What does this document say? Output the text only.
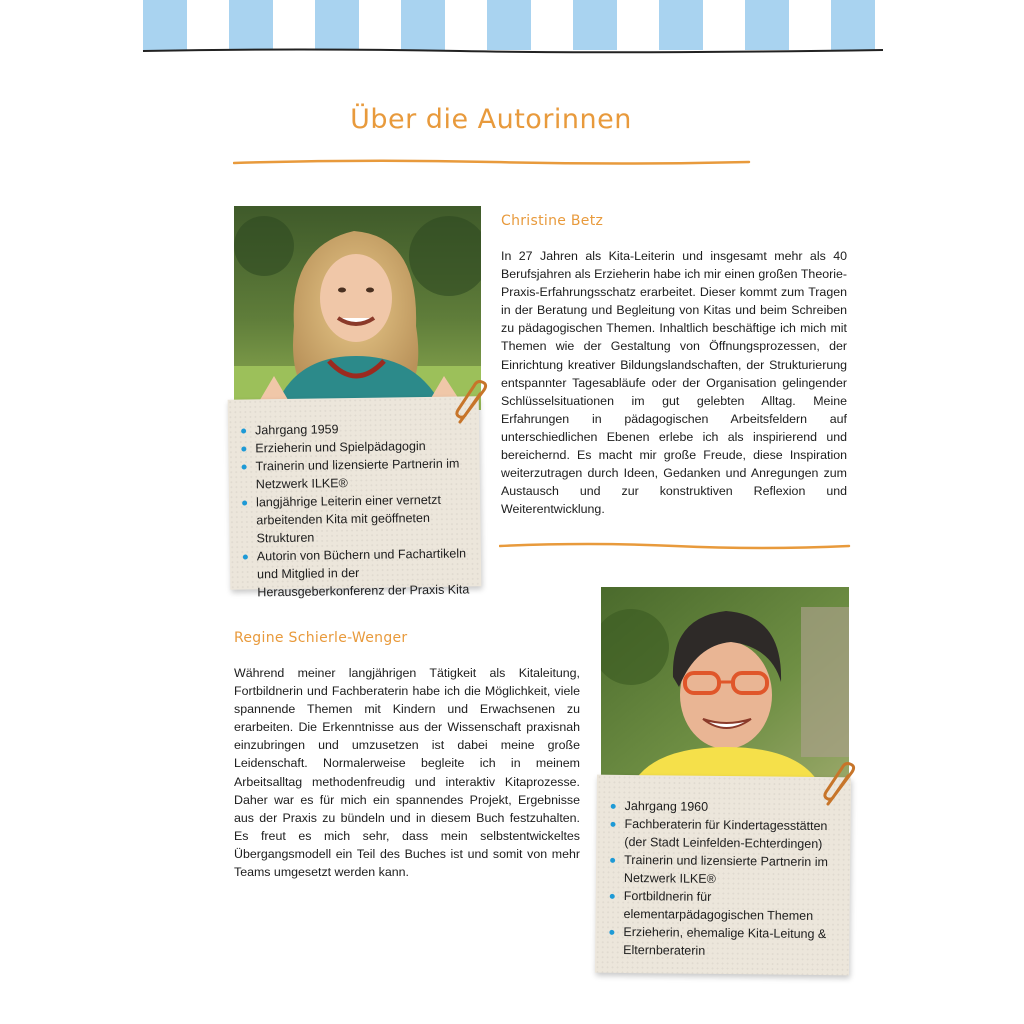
Über die Autorinnen
Jahrgang 1959
Erzieherin und Spielpädagogin
Trainerin und lizensierte Partnerin im Netzwerk ILKE®
langjährige Leiterin einer vernetzt arbeitenden Kita mit geöffneten Strukturen
Autorin von Büchern und Fachartikeln und Mitglied in der Herausgeberkonferenz der Praxis Kita
Christine Betz

In 27 Jahren als Kita-Leiterin und insgesamt mehr als 40 Berufsjahren als Erzieherin habe ich mir einen großen Theorie-Praxis-Erfahrungsschatz erarbeitet. Dieser kommt zum Tragen in der Beratung und Begleitung von Kitas und beim Schreiben zu pädagogischen Themen. Inhaltlich beschäftige ich mich mit Themen wie der Gestaltung von Öffnungsprozessen, der Einrichtung kreativer Bildungslandschaften, der Strukturierung entspannter Tagesabläufe oder der Organisation gelingender Schlüsselsituationen im gut gelebten Alltag. Meine Erfahrungen in pädagogischen Arbeitsfeldern auf unterschiedlichen Ebenen erlebe ich als inspirierend und bereichernd. Es macht mir große Freude, diese Inspiration weiterzutragen durch Ideen, Gedanken und Anregungen zum Austausch und zur konstruktiven Reflexion und Weiterentwicklung.

Regine Schierle-Wenger

Während meiner langjährigen Tätigkeit als Kitaleitung, Fortbildnerin und Fachberaterin habe ich die Möglichkeit, viele spannende Themen mit Kindern und Erwachsenen zu erarbeiten. Die Erkenntnisse aus der Wissenschaft praxisnah einzubringen und umzusetzen ist dabei meine große Leidenschaft. Normalerweise begleite ich in meinem Arbeitsalltag methodenfreudig und interaktiv Kitaprozesse. Daher war es für mich ein spannendes Projekt, Ergebnisse aus der Praxis zu bündeln und in diesem Buch festzuhalten. Es freut es mich sehr, dass mein selbstentwickeltes Übergangsmodell ein Teil des Buches ist und somit von mehr Teams umgesetzt werden kann.

Jahrgang 1960
Fachberaterin für Kindertagesstätten (der Stadt Leinfelden-Echterdingen)
Trainerin und lizensierte Partnerin im Netzwerk ILKE®
Fortbildnerin für elementarpädagogischen Themen
Erzieherin, ehemalige Kita-Leitung & Elternberaterin
